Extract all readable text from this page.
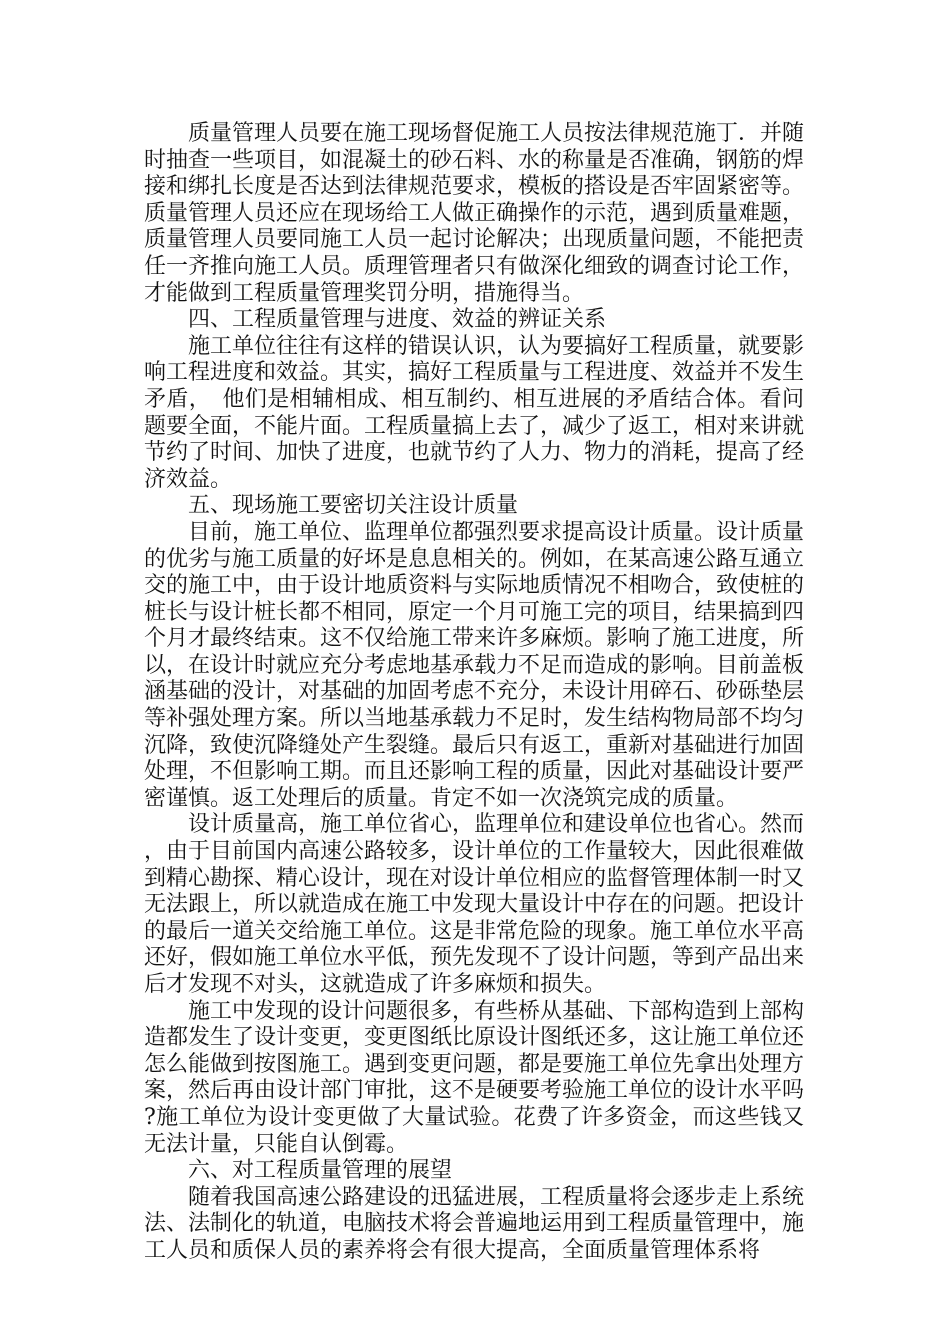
质量管理人员要在施工现场督促施工人员按法律规范施丁．并随时抽查一些项目，如混凝土的砂石料、水的称量是否准确，钢筋的焊接和绑扎长度是否达到法律规范要求，模板的搭设是否牢固紧密等。质量管理人员还应在现场给工人做正确操作的示范，遇到质量难题，质量管理人员要同施工人员一起讨论解决；出现质量问题，不能把责任一齐推向施工人员。质理管理者只有做深化细致的调查讨论工作，才能做到工程质量管理奖罚分明，措施得当。

四、工程质量管理与进度、效益的辨证关系

施工单位往往有这样的错误认识，认为要搞好工程质量，就要影响工程进度和效益。其实，搞好工程质量与工程进度、效益并不发生矛盾，　他们是相辅相成、相互制约、相互进展的矛盾结合体。看问题要全面，不能片面。工程质量搞上去了，减少了返工，相对来讲就节约了时间、加快了进度，也就节约了人力、物力的消耗，提高了经济效益。

五、现场施工要密切关注设计质量

目前，施工单位、监理单位都强烈要求提高设计质量。设计质量的优劣与施工质量的好坏是息息相关的。例如，在某高速公路互通立交的施工中，由于设计地质资料与实际地质情况不相吻合，致使桩的桩长与设计桩长都不相同，原定一个月可施工完的项目，结果搞到四个月才最终结束。这不仅给施工带来许多麻烦。影响了施工进度，所以，在设计时就应充分考虑地基承载力不足而造成的影响。目前盖板涵基础的没计，对基础的加固考虑不充分，未设计用碎石、砂砾垫层等补强处理方案。所以当地基承载力不足时，发生结构物局部不均匀沉降，致使沉降缝处产生裂缝。最后只有返工，重新对基础进行加固处理，不但影响工期。而且还影响工程的质量，因此对基础设计要严密谨慎。返工处理后的质量。肯定不如一次浇筑完成的质量。

设计质量高，施工单位省心，监理单位和建设单位也省心。然而，由于目前国内高速公路较多，设计单位的工作量较大，因此很难做到精心勘探、精心设计，现在对设计单位相应的监督管理体制一时又无法跟上，所以就造成在施工中发现大量设计中存在的问题。把设计的最后一道关交给施工单位。这是非常危险的现象。施工单位水平高还好，假如施工单位水平低，预先发现不了设计问题，等到产品出来后才发现不对头，这就造成了许多麻烦和损失。

施工中发现的设计问题很多，有些桥从基础、下部构造到上部构造都发生了设计变更，变更图纸比原设计图纸还多，这让施工单位还怎么能做到按图施工。遇到变更问题，都是要施工单位先拿出处理方案，然后再由设计部门审批，这不是硬要考验施工单位的设计水平吗?施工单位为设计变更做了大量试验。花费了许多资金，而这些钱又无法计量，只能自认倒霉。

六、对工程质量管理的展望

随着我国高速公路建设的迅猛进展，工程质量将会逐步走上系统法、法制化的轨道，电脑技术将会普遍地运用到工程质量管理中，施工人员和质保人员的素养将会有很大提高，全面质量管理体系将
